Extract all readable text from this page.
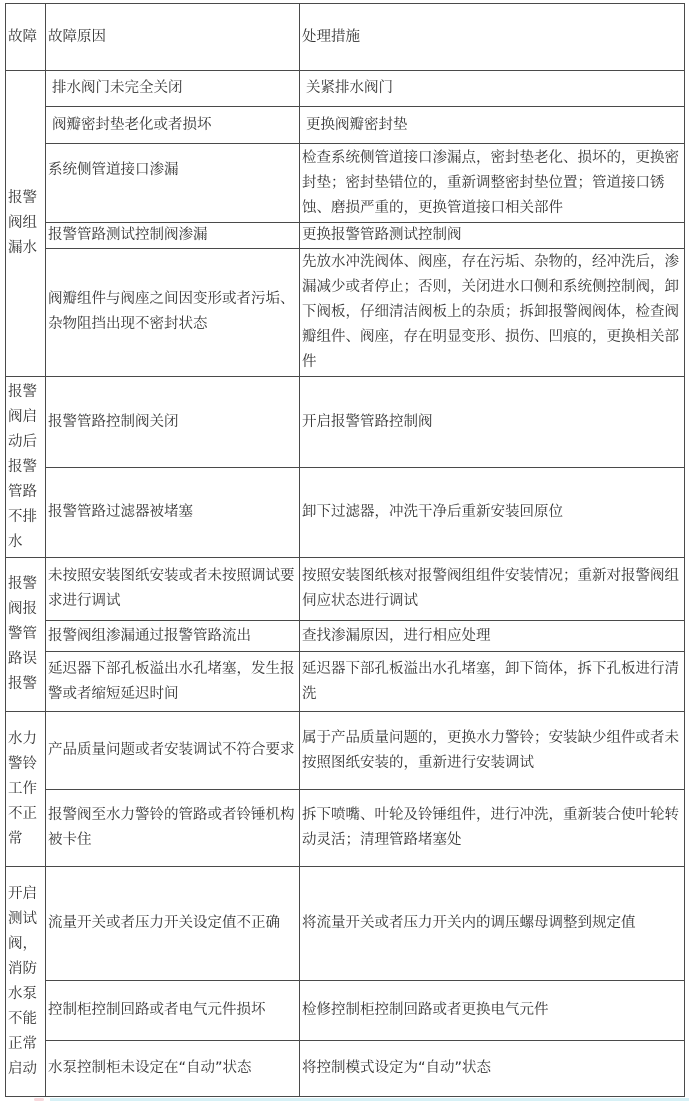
故障	故障原因	处理措施
报警阀组漏水	排水阀门未完全关闭	关紧排水阀门
	阀瓣密封垫老化或者损坏	更换阀瓣密封垫
	系统侧管道接口渗漏	检查系统侧管道接口渗漏点，密封垫老化、损坏的，更换密封垫；密封垫错位的，重新调整密封垫位置；管道接口锈蚀、磨损严重的，更换管道接口相关部件
	报警管路测试控制阀渗漏	更换报警管路测试控制阀
	阀瓣组件与阀座之间因变形或者污垢、杂物阻挡出现不密封状态	先放水冲洗阀体、阀座，存在污垢、杂物的，经冲洗后，渗漏减少或者停止；否则，关闭进水口侧和系统侧控制阀，卸下阀板，仔细清洁阀板上的杂质；拆卸报警阀阀体，检查阀瓣组件、阀座，存在明显变形、损伤、凹痕的，更换相关部件
报警阀启动后报警管路不排水	报警管路控制阀关闭	开启报警管路控制阀
	报警管路过滤器被堵塞	卸下过滤器，冲洗干净后重新安装回原位
报警阀报警管路误报警	未按照安装图纸安装或者未按照调试要求进行调试	按照安装图纸核对报警阀组组件安装情况；重新对报警阀组伺应状态进行调试
	报警阀组渗漏通过报警管路流出	查找渗漏原因，进行相应处理
	延迟器下部孔板溢出水孔堵塞，发生报警或者缩短延迟时间	延迟器下部孔板溢出水孔堵塞，卸下筒体，拆下孔板进行清洗
水力警铃工作不正常	产品质量问题或者安装调试不符合要求	属于产品质量问题的，更换水力警铃；安装缺少组件或者未按照图纸安装的，重新进行安装调试
	报警阀至水力警铃的管路或者铃锤机构被卡住	拆下喷嘴、叶轮及铃锤组件，进行冲洗，重新装合使叶轮转动灵活；清理管路堵塞处
开启测试阀，消防水泵不能正常启动	流量开关或者压力开关设定值不正确	将流量开关或者压力开关内的调压螺母调整到规定值
	控制柜控制回路或者电气元件损坏	检修控制柜控制回路或者更换电气元件
	水泵控制柜未设定在“自动”状态	将控制模式设定为“自动”状态
